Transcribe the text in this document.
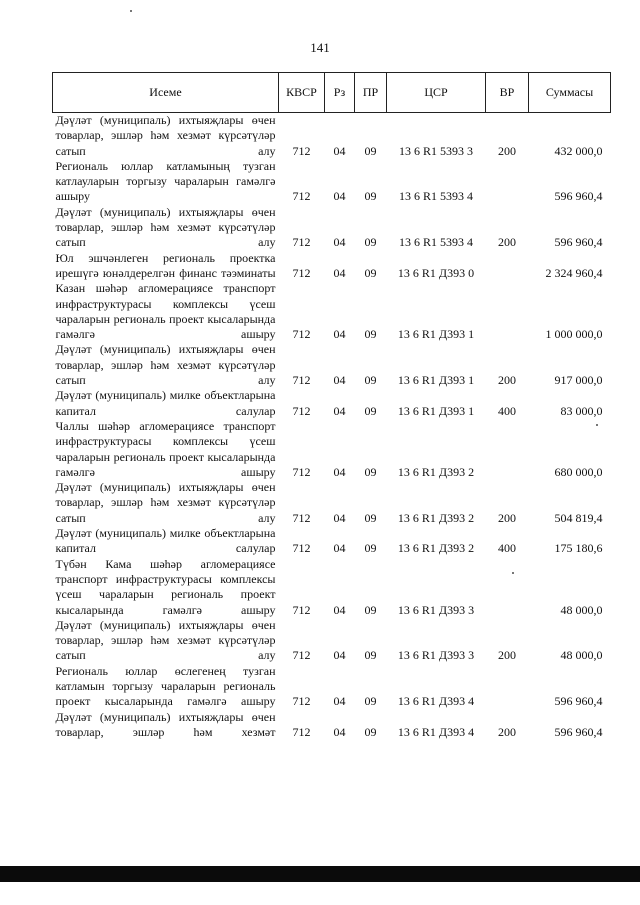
141
Исеме	КВСР	Рз	ПР	ЦСР	ВР	Суммасы
Дәүләт (муниципаль) ихтыяҗлары өчен товарлар, эшләр һәм хезмәт күрсәтүләр сатып алу	712	04	09	13 6 R1 5393 3	200	432 000,0
Региональ юллар катламының тузган катлауларын торгызу чараларын гамәлгә ашыру	712	04	09	13 6 R1 5393 4		596 960,4
Дәүләт (муниципаль) ихтыяҗлары өчен товарлар, эшләр һәм хезмәт күрсәтүләр сатып алу	712	04	09	13 6 R1 5393 4	200	596 960,4
Юл эшчәнлеген региональ проектка ирешүгә юнәлдерелгән финанс тәэминаты	712	04	09	13 6 R1 Д393 0		2 324 960,4
Казан шәһәр агломерациясе транспорт инфраструктурасы комплексы үсеш чараларын региональ проект кысаларында гамәлгә ашыру	712	04	09	13 6 R1 Д393 1		1 000 000,0
Дәүләт (муниципаль) ихтыяҗлары өчен товарлар, эшләр һәм хезмәт күрсәтүләр сатып алу	712	04	09	13 6 R1 Д393 1	200	917 000,0
Дәүләт (муниципаль) милке объектларына капитал салулар	712	04	09	13 6 R1 Д393 1	400	83 000,0
Чаллы шәһәр агломерациясе транспорт инфраструктурасы комплексы үсеш чараларын региональ проект кысаларында гамәлгә ашыру	712	04	09	13 6 R1 Д393 2		680 000,0
Дәүләт (муниципаль) ихтыяҗлары өчен товарлар, эшләр һәм хезмәт күрсәтүләр сатып алу	712	04	09	13 6 R1 Д393 2	200	504 819,4
Дәүләт (муниципаль) милке объектларына капитал салулар	712	04	09	13 6 R1 Д393 2	400	175 180,6
Түбән Кама шәһәр агломерациясе транспорт инфраструктурасы комплексы үсеш чараларын региональ проект кысаларында гамәлгә ашыру	712	04	09	13 6 R1 Д393 3		48 000,0
Дәүләт (муниципаль) ихтыяҗлары өчен товарлар, эшләр һәм хезмәт күрсәтүләр сатып алу	712	04	09	13 6 R1 Д393 3	200	48 000,0
Региональ юллар өслегенең тузган катламын торгызу чараларын региональ проект кысаларында гамәлгә ашыру	712	04	09	13 6 R1 Д393 4		596 960,4
Дәүләт (муниципаль) ихтыяҗлары өчен товарлар, эшләр һәм хезмәт	712	04	09	13 6 R1 Д393 4	200	596 960,4
